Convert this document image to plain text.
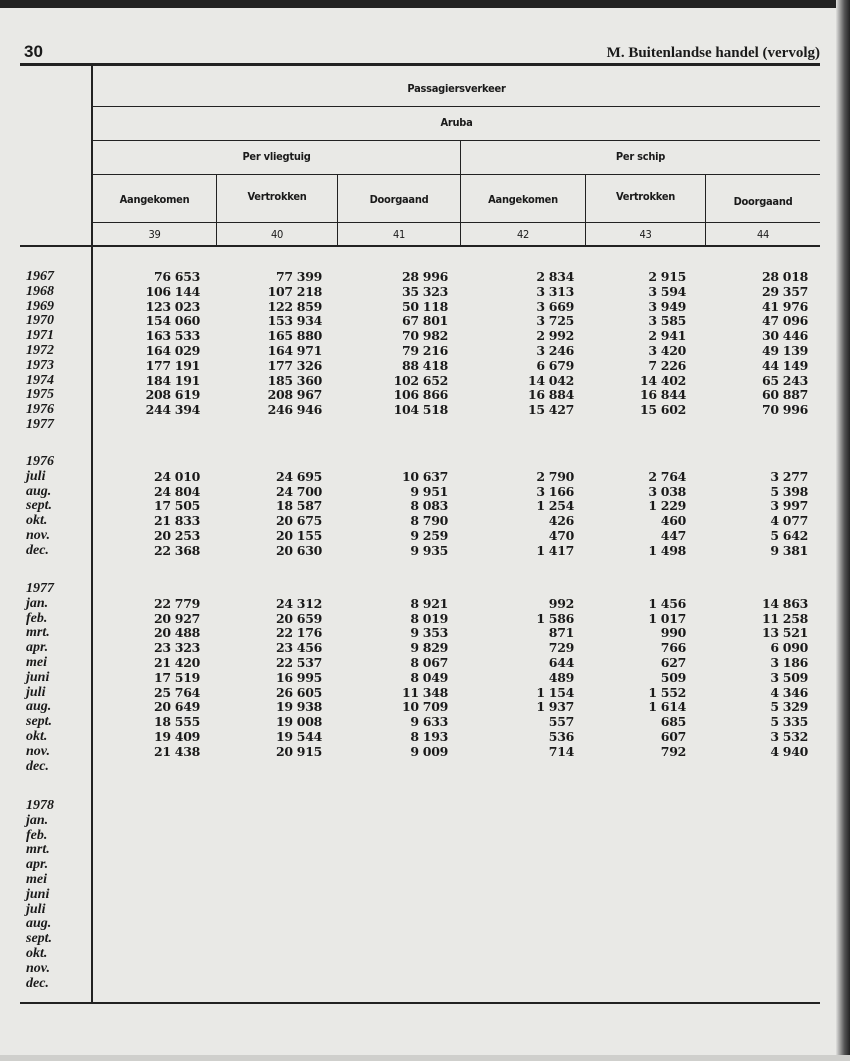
30	M. Buitenlandse handel (vervolg)
Passagiersverkeer
Aruba
Per vliegtuig	Per schip
Aangekomen	Vertrokken	Doorgaand	Aangekomen	Vertrokken	Doorgaand
39	40	41	42	43	44
1967	76 653	77 399	28 996	2 834	2 915	28 018
1968	106 144	107 218	35 323	3 313	3 594	29 357
1969	123 023	122 859	50 118	3 669	3 949	41 976
1970	154 060	153 934	67 801	3 725	3 585	47 096
1971	163 533	165 880	70 982	2 992	2 941	30 446
1972	164 029	164 971	79 216	3 246	3 420	49 139
1973	177 191	177 326	88 418	6 679	7 226	44 149
1974	184 191	185 360	102 652	14 042	14 402	65 243
1975	208 619	208 967	106 866	16 884	16 844	60 887
1976	244 394	246 946	104 518	15 427	15 602	70 996
1977
1976
juli	24 010	24 695	10 637	2 790	2 764	3 277
aug.	24 804	24 700	9 951	3 166	3 038	5 398
sept.	17 505	18 587	8 083	1 254	1 229	3 997
okt.	21 833	20 675	8 790	426	460	4 077
nov.	20 253	20 155	9 259	470	447	5 642
dec.	22 368	20 630	9 935	1 417	1 498	9 381
1977
jan.	22 779	24 312	8 921	992	1 456	14 863
feb.	20 927	20 659	8 019	1 586	1 017	11 258
mrt.	20 488	22 176	9 353	871	990	13 521
apr.	23 323	23 456	9 829	729	766	6 090
mei	21 420	22 537	8 067	644	627	3 186
juni	17 519	16 995	8 049	489	509	3 509
juli	25 764	26 605	11 348	1 154	1 552	4 346
aug.	20 649	19 938	10 709	1 937	1 614	5 329
sept.	18 555	19 008	9 633	557	685	5 335
okt.	19 409	19 544	8 193	536	607	3 532
nov.	21 438	20 915	9 009	714	792	4 940
dec.
1978
jan.
feb.
mrt.
apr.
mei
juni
juli
aug.
sept.
okt.
nov.
dec.
